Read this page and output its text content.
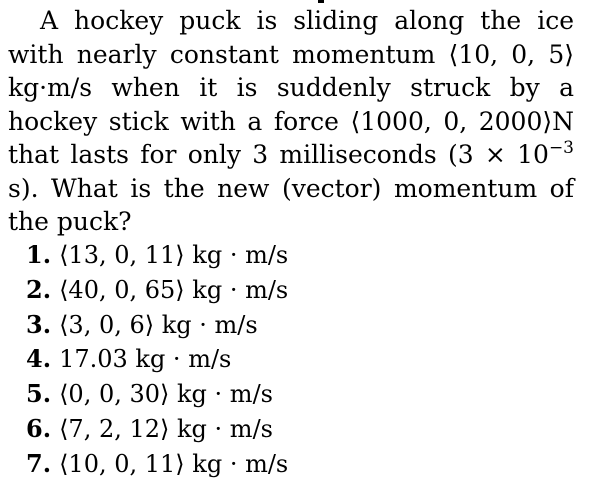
A hockey puck is sliding along the ice with nearly constant momentum ⟨10, 0, 5⟩ kg·m/s when it is suddenly struck by a hockey stick with a force ⟨1000, 0, 2000⟩N that lasts for only 3 milliseconds ($3 \times 10^{-3}$ s). What is the new (vector) momentum of the puck?

1. ⟨13, 0, 11⟩ kg · m/s
2. ⟨40, 0, 65⟩ kg · m/s
3. ⟨3, 0, 6⟩ kg · m/s
4. 17.03 kg · m/s
5. ⟨0, 0, 30⟩ kg · m/s
6. ⟨7, 2, 12⟩ kg · m/s
7. ⟨10, 0, 11⟩ kg · m/s
